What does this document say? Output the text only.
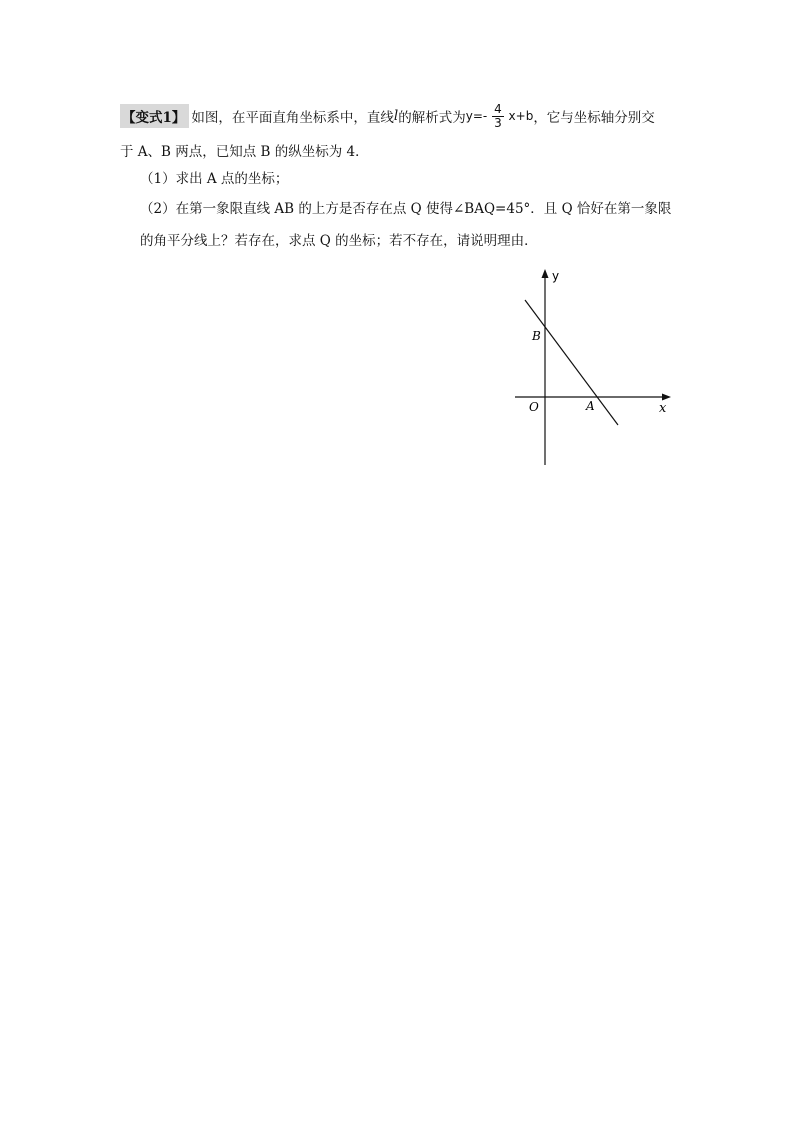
【变式1】 如图，在平面直角坐标系中，直线 l 的解析式为 $y=- \frac{4}{3} x+b$ ，它与坐标轴分别交
于 A、B 两点，已知点 B 的纵坐标为 4．
（1）求出 A 点的坐标；
（2）在第一象限直线 AB 的上方是否存在点 Q 使得∠BAQ=45°．且 Q 恰好在第一象限
的角平分线上？若存在，求点 Q 的坐标；若不存在，请说明理由．
y
x
O	A
B
